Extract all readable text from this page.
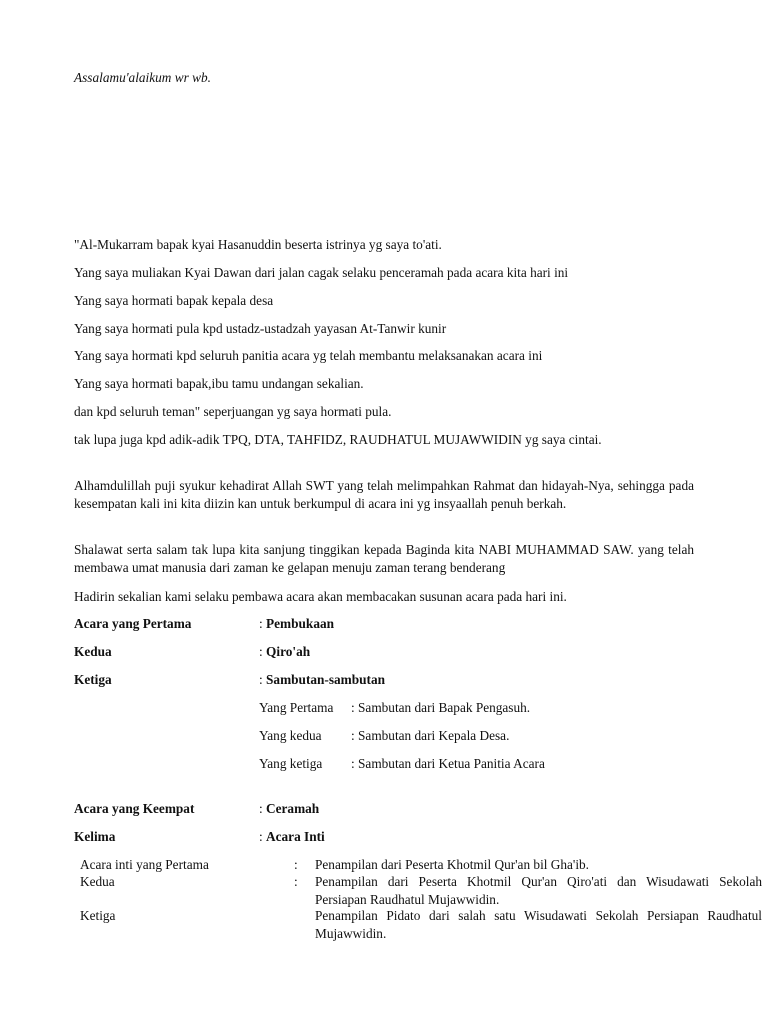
Assalamu'alaikum wr wb.
"Al-Mukarram bapak kyai Hasanuddin beserta istrinya yg saya to'ati.
Yang saya muliakan Kyai Dawan dari jalan cagak selaku penceramah pada acara kita hari ini
Yang saya hormati bapak kepala desa
Yang saya hormati pula kpd ustadz-ustadzah yayasan At-Tanwir kunir
Yang saya hormati kpd seluruh panitia acara yg telah membantu melaksanakan acara ini
Yang saya hormati bapak,ibu tamu undangan sekalian.
dan kpd seluruh teman" seperjuangan yg saya hormati pula.
tak lupa juga kpd adik-adik TPQ, DTA, TAHFIDZ, RAUDHATUL MUJAWWIDIN yg saya cintai.
Alhamdulillah puji syukur kehadirat Allah SWT yang telah melimpahkan Rahmat dan hidayah-Nya, sehingga pada kesempatan kali ini kita diizin kan untuk berkumpul di acara ini yg insyaallah penuh berkah.
Shalawat serta salam tak lupa kita sanjung tinggikan kepada Baginda kita NABI MUHAMMAD SAW. yang telah membawa umat manusia dari zaman ke gelapan menuju zaman terang benderang
Hadirin sekalian kami selaku pembawa acara akan membacakan susunan acara pada hari ini.
Acara yang Pertama	: Pembukaan
Kedua	: Qiro'ah
Ketiga	: Sambutan-sambutan
Yang Pertama : Sambutan dari Bapak Pengasuh.
Yang kedua : Sambutan dari Kepala Desa.
Yang ketiga : Sambutan dari Ketua Panitia Acara
Acara yang Keempat	: Ceramah
Kelima	: Acara Inti
Acara inti yang Pertama	: Penampilan dari Peserta Khotmil Qur'an bil Gha'ib.
Kedua	: Penampilan dari Peserta Khotmil Qur'an Qiro'ati dan Wisudawati Sekolah Persiapan Raudhatul Mujawwidin.
Ketiga	Penampilan Pidato dari salah satu Wisudawati Sekolah Persiapan Raudhatul Mujawwidin.
